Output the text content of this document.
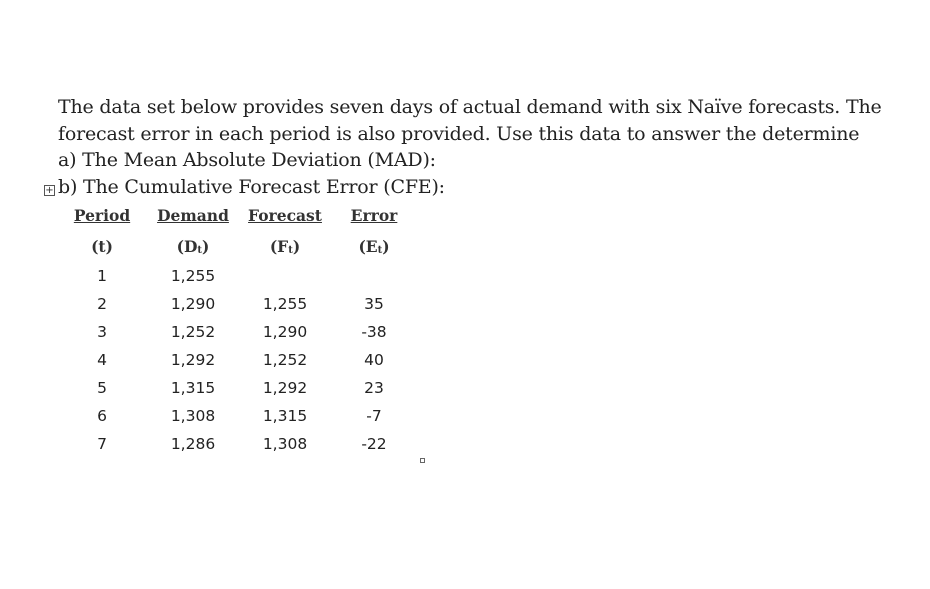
The data set below provides seven days of actual demand with six Naïve forecasts. The
forecast error in each period is also provided. Use this data to answer the determine
a) The Mean Absolute Deviation (MAD):
b) The Cumulative Forecast Error (CFE):
+
Period	Demand	Forecast	Error
(t)	(Dt)	(Ft)	(Et)
1	1,255		
2	1,290	1,255	35
3	1,252	1,290	-38
4	1,292	1,252	40
5	1,315	1,292	23
6	1,308	1,315	-7
7	1,286	1,308	-22
